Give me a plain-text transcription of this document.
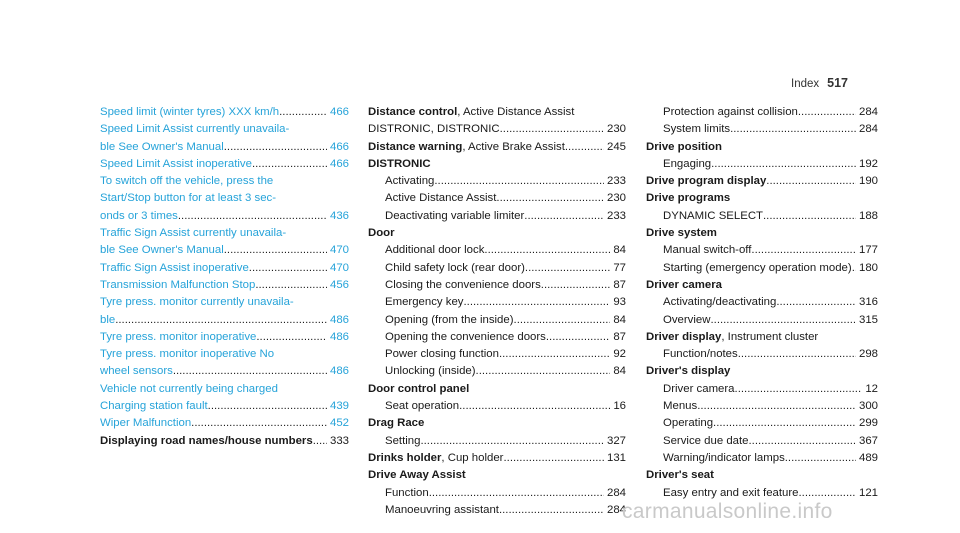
Index 517
Speed limit (winter tyres) XXX km/h .....	466
Speed Limit Assist currently unavaila-
ble See Owner's Manual .....	466
Speed Limit Assist inoperative .....	466
To switch off the vehicle, press the
Start/Stop button for at least 3 sec-
onds or 3 times .....	436
Traffic Sign Assist currently unavaila-
ble See Owner's Manual .....	470
Traffic Sign Assist inoperative .....	470
Transmission Malfunction Stop .....	456
Tyre press. monitor currently unavaila-
ble .....	486
Tyre press. monitor inoperative .....	486
Tyre press. monitor inoperative No
wheel sensors .....	486
Vehicle not currently being charged
Charging station fault .....	439
Wiper Malfunction .....	452
Displaying road names/house numbers ..... 333
Distance control, Active Distance Assist
DISTRONIC, DISTRONIC .....	230
Distance warning, Active Brake Assist .....	245
DISTRONIC
Activating .....	233
Active Distance Assist .....	230
Deactivating variable limiter .....	233
Door
Additional door lock .....	84
Child safety lock (rear door) .....	77
Closing the convenience doors .....	87
Emergency key .....	93
Opening (from the inside) .....	84
Opening the convenience doors .....	87
Power closing function .....	92
Unlocking (inside) .....	84
Door control panel
Seat operation .....	16
Drag Race
Setting .....	327
Drinks holder, Cup holder .....	131
Drive Away Assist
Function .....	284
Manoeuvring assistant .....	284
Protection against collision .....	284
System limits .....	284
Drive position
Engaging .....	192
Drive program display .....	190
Drive programs
DYNAMIC SELECT .....	188
Drive system
Manual switch-off .....	177
Starting (emergency operation mode) ..... 180
Driver camera
Activating/deactivating .....	316
Overview .....	315
Driver display, Instrument cluster
Function/notes .....	298
Driver's display
Driver camera .....	12
Menus .....	300
Operating .....	299
Service due date .....	367
Warning/indicator lamps .....	489
Driver's seat
Easy entry and exit feature .....	121
carmanualsonline.info
